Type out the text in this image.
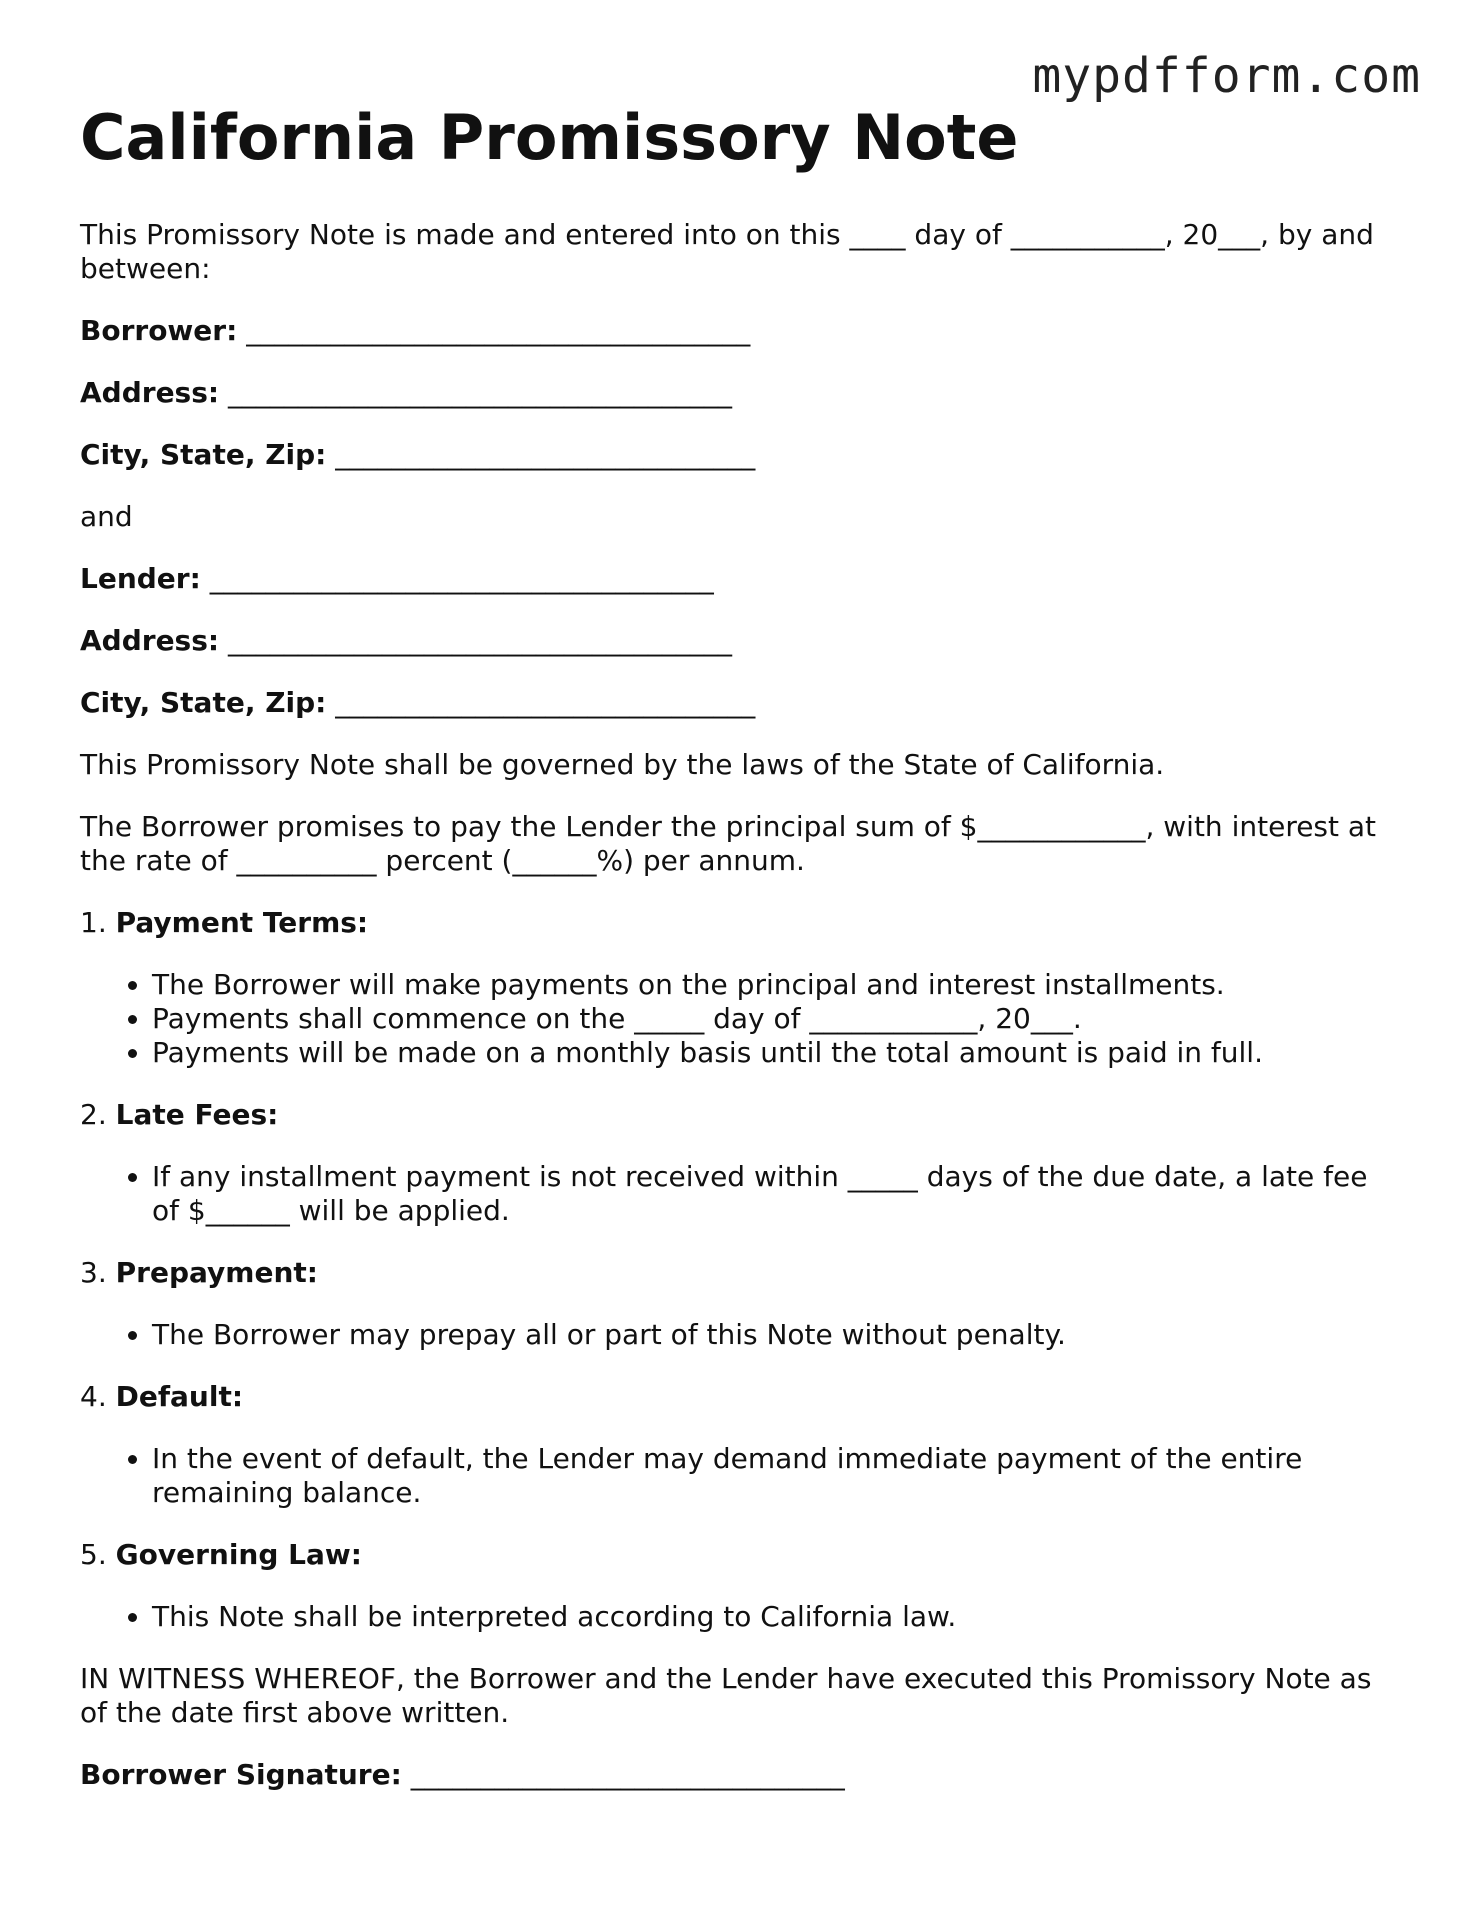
mypdfform.com
California Promissory Note

This Promissory Note is made and entered into on this ____ day of ___________, 20___, by and between:

Borrower: ____________________________________

Address: ____________________________________

City, State, Zip: ______________________________

and

Lender: ____________________________________

Address: ____________________________________

City, State, Zip: ______________________________

This Promissory Note shall be governed by the laws of the State of California.

The Borrower promises to pay the Lender the principal sum of $____________, with interest at the rate of __________ percent (______%) per annum.

1. Payment Terms:
• The Borrower will make payments on the principal and interest installments.
• Payments shall commence on the _____ day of ____________, 20___.
• Payments will be made on a monthly basis until the total amount is paid in full.
2. Late Fees:
• If any installment payment is not received within _____ days of the due date, a late fee of $______ will be applied.
3. Prepayment:
• The Borrower may prepay all or part of this Note without penalty.
4. Default:
• In the event of default, the Lender may demand immediate payment of the entire remaining balance.
5. Governing Law:
• This Note shall be interpreted according to California law.

IN WITNESS WHEREOF, the Borrower and the Lender have executed this Promissory Note as of the date first above written.

Borrower Signature: _______________________________
